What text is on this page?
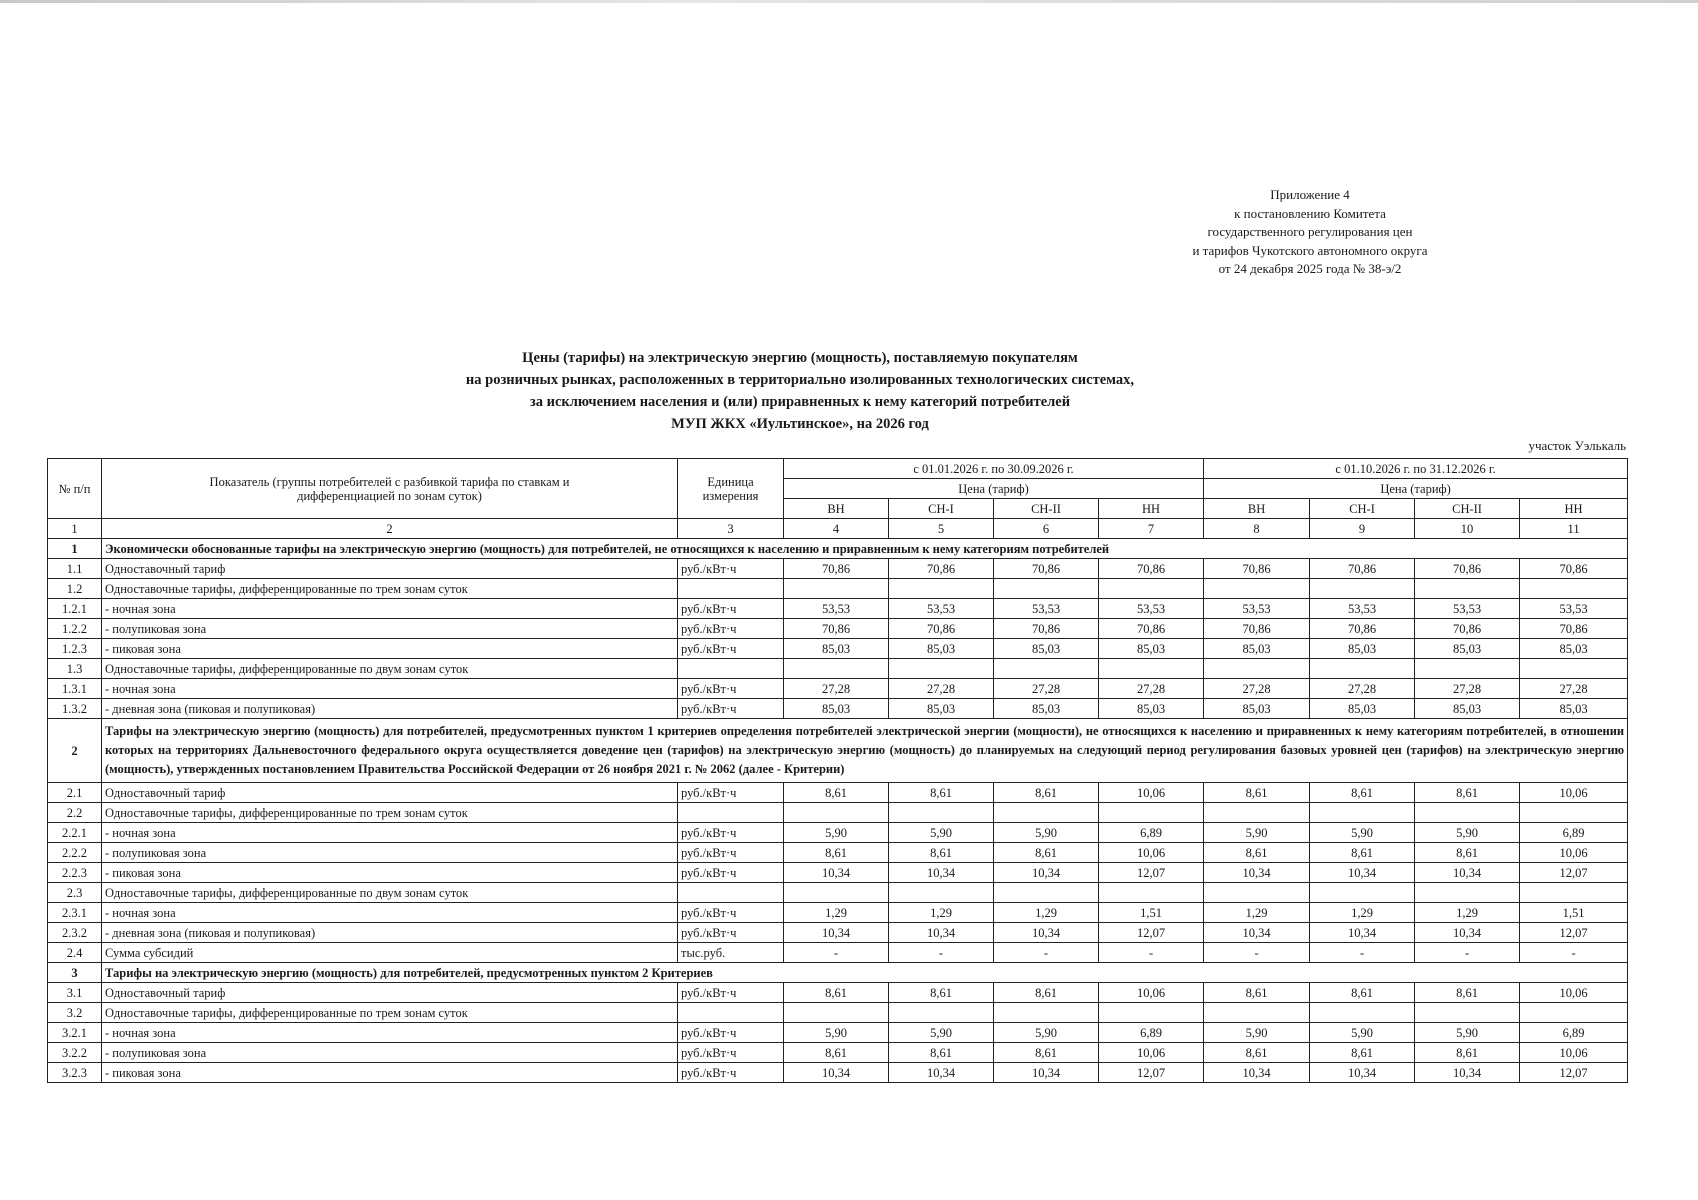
Приложение 4
к постановлению Комитета
государственного регулирования цен
и тарифов Чукотского автономного округа
от 24 декабря 2025 года № 38-э/2
Цены (тарифы) на электрическую энергию (мощность), поставляемую покупателям
на розничных рынках, расположенных в территориально изолированных технологических системах,
за исключением населения и (или) приравненных к нему категорий потребителей
МУП ЖКХ «Иультинское», на 2026 год
участок Уэлькаль
№ п/п	Показатель (группы потребителей с разбивкой тарифа по ставкам и дифференциацией по зонам суток)	Единица измерения	с 01.01.2026 г. по 30.09.2026 г.				с 01.10.2026 г. по 31.12.2026 г.			
			Цена (тариф)				Цена (тариф)			
			ВН	СН-I	СН-II	НН	ВН	СН-I	СН-II	НН
1	2	3	4	5	6	7	8	9	10	11
1	Экономически обоснованные тарифы на электрическую энергию (мощность) для потребителей, не относящихся к населению и приравненным к нему категориям потребителей									
1.1	Одноставочный тариф	руб./кВт·ч	70,86	70,86	70,86	70,86	70,86	70,86	70,86	70,86
1.2	Одноставочные тарифы, дифференцированные по трем зонам суток									
1.2.1	- ночная зона	руб./кВт·ч	53,53	53,53	53,53	53,53	53,53	53,53	53,53	53,53
1.2.2	- полупиковая зона	руб./кВт·ч	70,86	70,86	70,86	70,86	70,86	70,86	70,86	70,86
1.2.3	- пиковая зона	руб./кВт·ч	85,03	85,03	85,03	85,03	85,03	85,03	85,03	85,03
1.3	Одноставочные тарифы, дифференцированные по двум зонам суток									
1.3.1	- ночная зона	руб./кВт·ч	27,28	27,28	27,28	27,28	27,28	27,28	27,28	27,28
1.3.2	- дневная зона (пиковая и полупиковая)	руб./кВт·ч	85,03	85,03	85,03	85,03	85,03	85,03	85,03	85,03
2	Тарифы на электрическую энергию (мощность) для потребителей, предусмотренных пунктом 1 критериев определения потребителей электрической энергии (мощности), не относящихся к населению и приравненных к нему категориям потребителей, в отношении которых на территориях Дальневосточного федерального округа осуществляется доведение цен (тарифов) на электрическую энергию (мощность) до планируемых на следующий период регулирования базовых уровней цен (тарифов) на электрическую энергию (мощность), утвержденных постановлением Правительства Российской Федерации от 26 ноября 2021 г. № 2062 (далее - Критерии)									
2.1	Одноставочный тариф	руб./кВт·ч	8,61	8,61	8,61	10,06	8,61	8,61	8,61	10,06
2.2	Одноставочные тарифы, дифференцированные по трем зонам суток									
2.2.1	- ночная зона	руб./кВт·ч	5,90	5,90	5,90	6,89	5,90	5,90	5,90	6,89
2.2.2	- полупиковая зона	руб./кВт·ч	8,61	8,61	8,61	10,06	8,61	8,61	8,61	10,06
2.2.3	- пиковая зона	руб./кВт·ч	10,34	10,34	10,34	12,07	10,34	10,34	10,34	12,07
2.3	Одноставочные тарифы, дифференцированные по двум зонам суток									
2.3.1	- ночная зона	руб./кВт·ч	1,29	1,29	1,29	1,51	1,29	1,29	1,29	1,51
2.3.2	- дневная зона (пиковая и полупиковая)	руб./кВт·ч	10,34	10,34	10,34	12,07	10,34	10,34	10,34	12,07
2.4	Сумма субсидий	тыс.руб.	-	-	-	-	-	-	-	-
3	Тарифы на электрическую энергию (мощность) для потребителей, предусмотренных пунктом 2 Критериев									
3.1	Одноставочный тариф	руб./кВт·ч	8,61	8,61	8,61	10,06	8,61	8,61	8,61	10,06
3.2	Одноставочные тарифы, дифференцированные по трем зонам суток									
3.2.1	- ночная зона	руб./кВт·ч	5,90	5,90	5,90	6,89	5,90	5,90	5,90	6,89
3.2.2	- полупиковая зона	руб./кВт·ч	8,61	8,61	8,61	10,06	8,61	8,61	8,61	10,06
3.2.3	- пиковая зона	руб./кВт·ч	10,34	10,34	10,34	12,07	10,34	10,34	10,34	12,07
